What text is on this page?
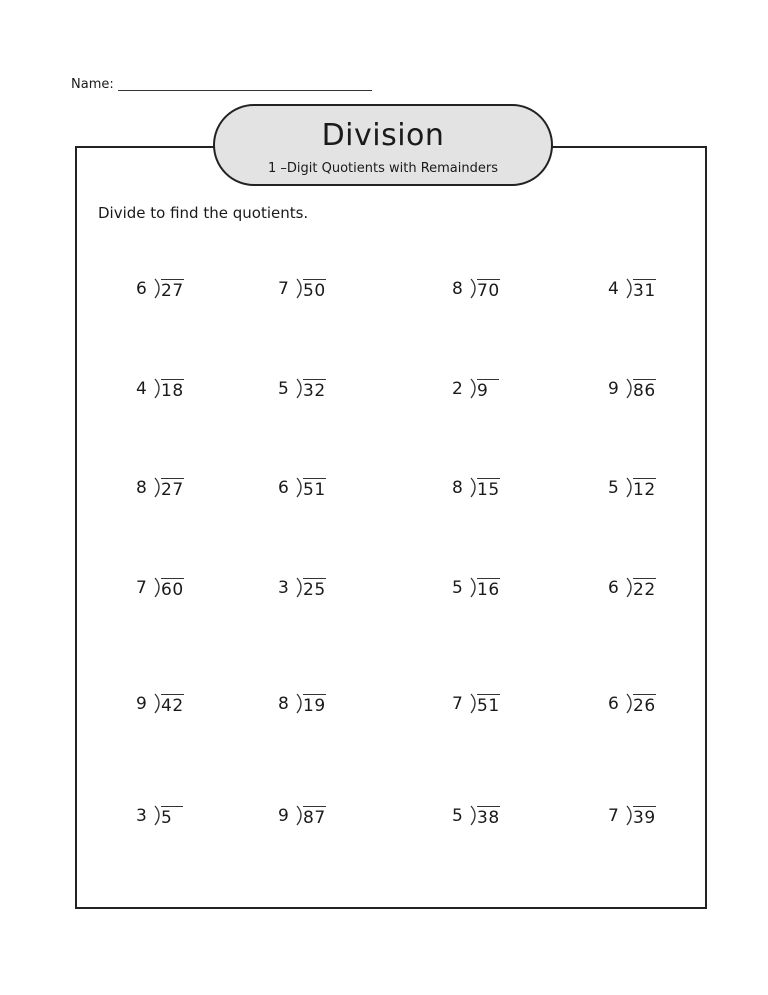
Name:
Division
1 –Digit Quotients with Remainders
Divide to find the quotients.
6 27	7 50	8 70	4 31
4 18	5 32	2 9	9 86
8 27	6 51	8 15	5 12
7 60	3 25	5 16	6 22
9 42	8 19	7 51	6 26
3 5	9 87	5 38	7 39
